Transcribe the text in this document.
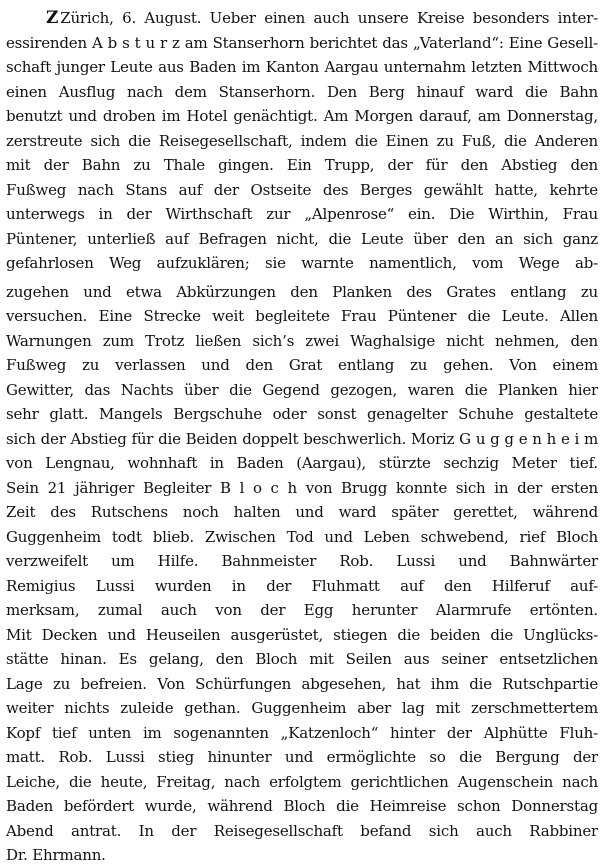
Z Zürich, 6. August. Ueber einen auch unsere Kreise besonders inter-
essirenden A b s t u r z am Stanserhorn berichtet das „Vaterland“: Eine Gesell-
schaft junger Leute aus Baden im Kanton Aargau unternahm letzten Mittwoch
einen Ausflug nach dem Stanserhorn. Den Berg hinauf ward die Bahn
benutzt und droben im Hotel genächtigt. Am Morgen darauf, am Donnerstag,
zerstreute sich die Reisegesellschaft, indem die Einen zu Fuß, die Anderen
mit der Bahn zu Thale gingen. Ein Trupp, der für den Abstieg den
Fußweg nach Stans auf der Ostseite des Berges gewählt hatte, kehrte
unterwegs in der Wirthschaft zur „Alpenrose“ ein. Die Wirthin, Frau
Püntener, unterließ auf Befragen nicht, die Leute über den an sich ganz
gefahrlosen Weg aufzuklären; sie warnte namentlich, vom Wege ab-
zugehen und etwa Abkürzungen den Planken des Grates entlang zu
versuchen. Eine Strecke weit begleitete Frau Püntener die Leute. Allen
Warnungen zum Trotz ließen sich’s zwei Waghalsige nicht nehmen, den
Fußweg zu verlassen und den Grat entlang zu gehen. Von einem
Gewitter, das Nachts über die Gegend gezogen, waren die Planken hier
sehr glatt. Mangels Bergschuhe oder sonst genagelter Schuhe gestaltete
sich der Abstieg für die Beiden doppelt beschwerlich. Moriz G u g g e n h e i m
von Lengnau, wohnhaft in Baden (Aargau), stürzte sechzig Meter tief.
Sein 21 jähriger Begleiter B l o c h von Brugg konnte sich in der ersten
Zeit des Rutschens noch halten und ward später gerettet, während
Guggenheim todt blieb. Zwischen Tod und Leben schwebend, rief Bloch
verzweifelt um Hilfe. Bahnmeister Rob. Lussi und Bahnwärter
Remigius Lussi wurden in der Fluhmatt auf den Hilferuf auf-
merksam, zumal auch von der Egg herunter Alarmrufe ertönten.
Mit Decken und Heuseilen ausgerüstet, stiegen die beiden die Unglücks-
stätte hinan. Es gelang, den Bloch mit Seilen aus seiner entsetzlichen
Lage zu befreien. Von Schürfungen abgesehen, hat ihm die Rutschpartie
weiter nichts zuleide gethan. Guggenheim aber lag mit zerschmettertem
Kopf tief unten im sogenannten „Katzenloch“ hinter der Alphütte Fluh-
matt. Rob. Lussi stieg hinunter und ermöglichte so die Bergung der
Leiche, die heute, Freitag, nach erfolgtem gerichtlichen Augenschein nach
Baden befördert wurde, während Bloch die Heimreise schon Donnerstag
Abend antrat. In der Reisegesellschaft befand sich auch Rabbiner
Dr. Ehrmann.
